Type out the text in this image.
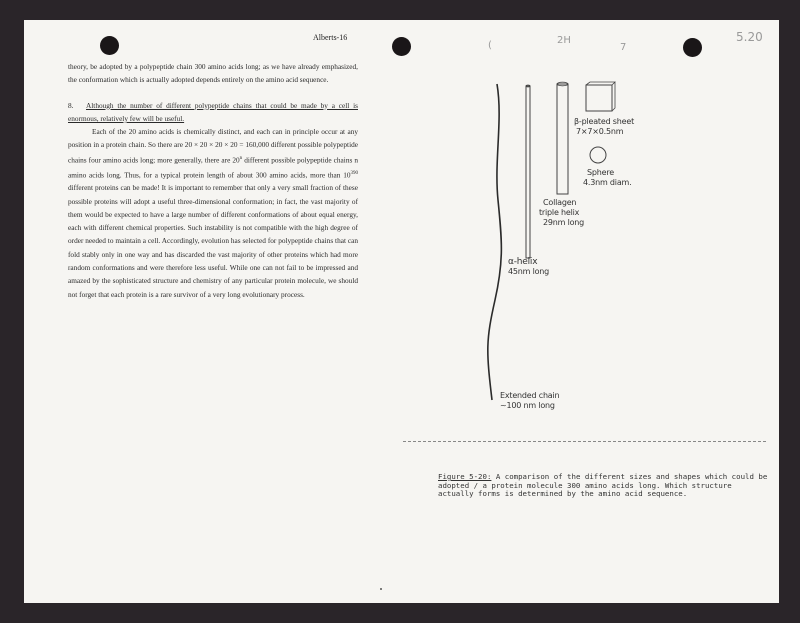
Alberts-16	5.20
2H
(	7

theory, be adopted by a polypeptide chain 300 amino acids long; as we have already emphasized, the conformation which is actually adopted depends entirely on the amino acid sequence.

8. Although the number of different polypeptide chains that could be made by a cell is enormous, relatively few will be useful.

Each of the 20 amino acids is chemically distinct, and each can in principle occur at any position in a protein chain. So there are 20 × 20 × 20 × 20 = 160,000 different possible polypeptide chains four amino acids long; more generally, there are 20$^n$ different possible polypeptide chains n amino acids long. Thus, for a typical protein length of about 300 amino acids, more than $10^{390}$ different proteins can be made! It is important to remember that only a very small fraction of these possible proteins will adopt a useful three-dimensional conformation; in fact, the vast majority of them would be expected to have a large number of different conformations of about equal energy, each with different chemical properties. Such instability is not compatible with the high degree of order needed to maintain a cell. Accordingly, evolution has selected for polypeptide chains that can fold stably only in one way and has discarded the vast majority of other proteins which had more random conformations and were therefore less useful. While one can not fail to be impressed and amazed by the sophisticated structure and chemistry of any particular protein molecule, we should not forget that each protein is a rare survivor of a very long evolutionary process.

β-pleated sheet
7×7×0.5nm
Sphere
4.3nm diam.
Collagen
triple helix
29nm long
α-helix
45nm long
Extended chain
~100 nm long
Figure 5-20: A comparison of the different sizes and shapes which could be adopted / a protein molecule 300 amino acids long. Which structure actually forms is determined by the amino acid sequence.
